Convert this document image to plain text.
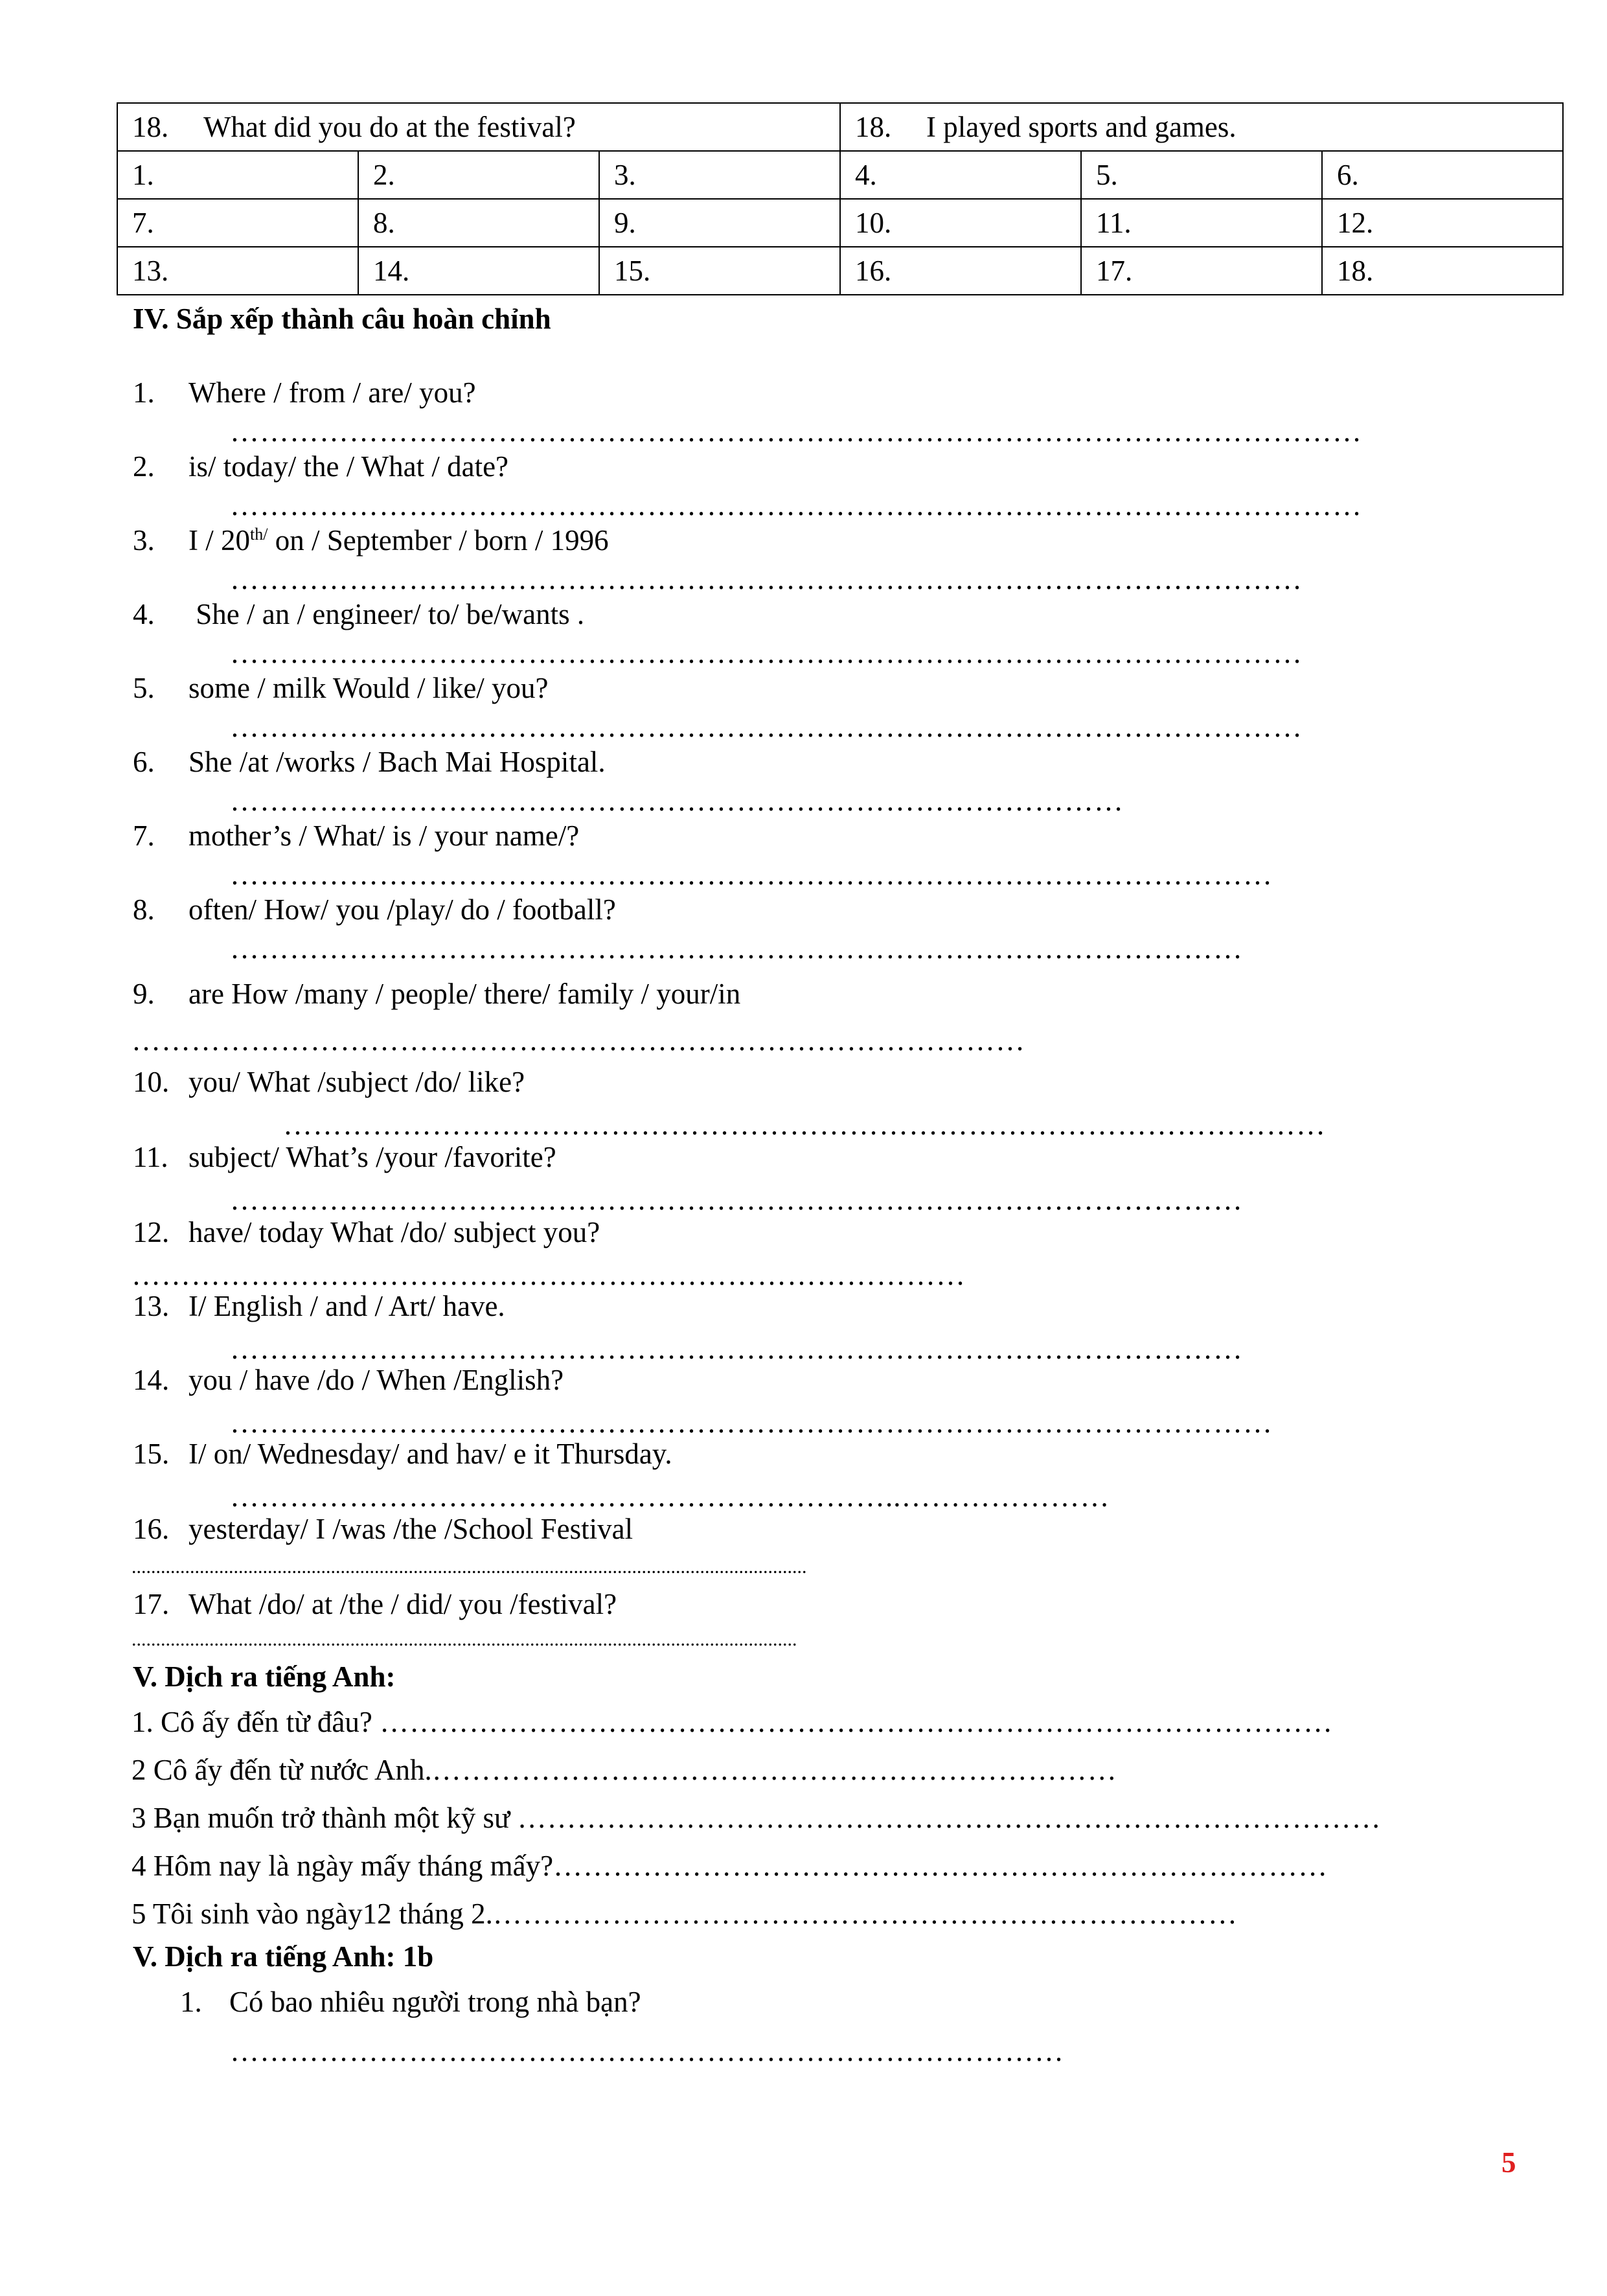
18. What did you do at the festival?			18. I played sports and games.		
1.	2.	3.	4.	5.	6.
7.	8.	9.	10.	11.	12.
13.	14.	15.	16.	17.	18.
IV. Sắp xếp thành câu hoàn chỉnh
1. Where / from / are/ you?
……………………………………………………………………………………………………
2. is/ today/ the / What / date?
……………………………………………………………………………………………………
3. I / $20^{th/}$ on / September / born / 1996
………………………………………………………………………………………………
4. She / an / engineer/ to/ be/wants .
………………………………………………………………………………………………
5. some / milk Would / like/ you?
………………………………………………………………………………………………
6. She /at /works / Bach Mai Hospital.
………………………………………………………………………………
7. mother’s / What/ is / your name/?
……………………………………………………………………………………………
8. often/ How/ you /play/ do / football?
…………………………………………………………………………………………
9. are How /many / people/ there/ family / your/in
………………………………………………………………………………
10. you/ What /subject /do/ like?
……………………………………………………………………………………………
11. subject/ What’s /your /favorite?
…………………………………………………………………………………………
12. have/ today What /do/ subject you?
…………………………………………………………………………
13. I/ English / and / Art/ have.
…………………………………………………………………………………………
14. you / have /do / When /English?
……………………………………………………………………………………………
15. I/ on/ Wednesday/ and hav/ e it Thursday.
…………………………………………………………..…………………
16. yesterday/ I /was /the /School Festival
...........................................................................................................................................
17. What /do/ at /the / did/ you /festival?
.........................................................................................................................................
V. Dịch ra tiếng Anh:
1. Cô ấy đến từ đâu? ……………………………………………………………………………………
2 Cô ấy đến từ nước Anh.……………………………………………………………
3 Bạn muốn trở thành một kỹ sư ……………………………………………………………………………
4 Hôm nay là ngày mấy tháng mấy?……………………………………………………………………
5 Tôi sinh vào ngày12 tháng 2.…………………………………………………………………
V. Dịch ra tiếng Anh: 1b
1. Có bao nhiêu người trong nhà bạn?
…………………………………………………………………………
5
